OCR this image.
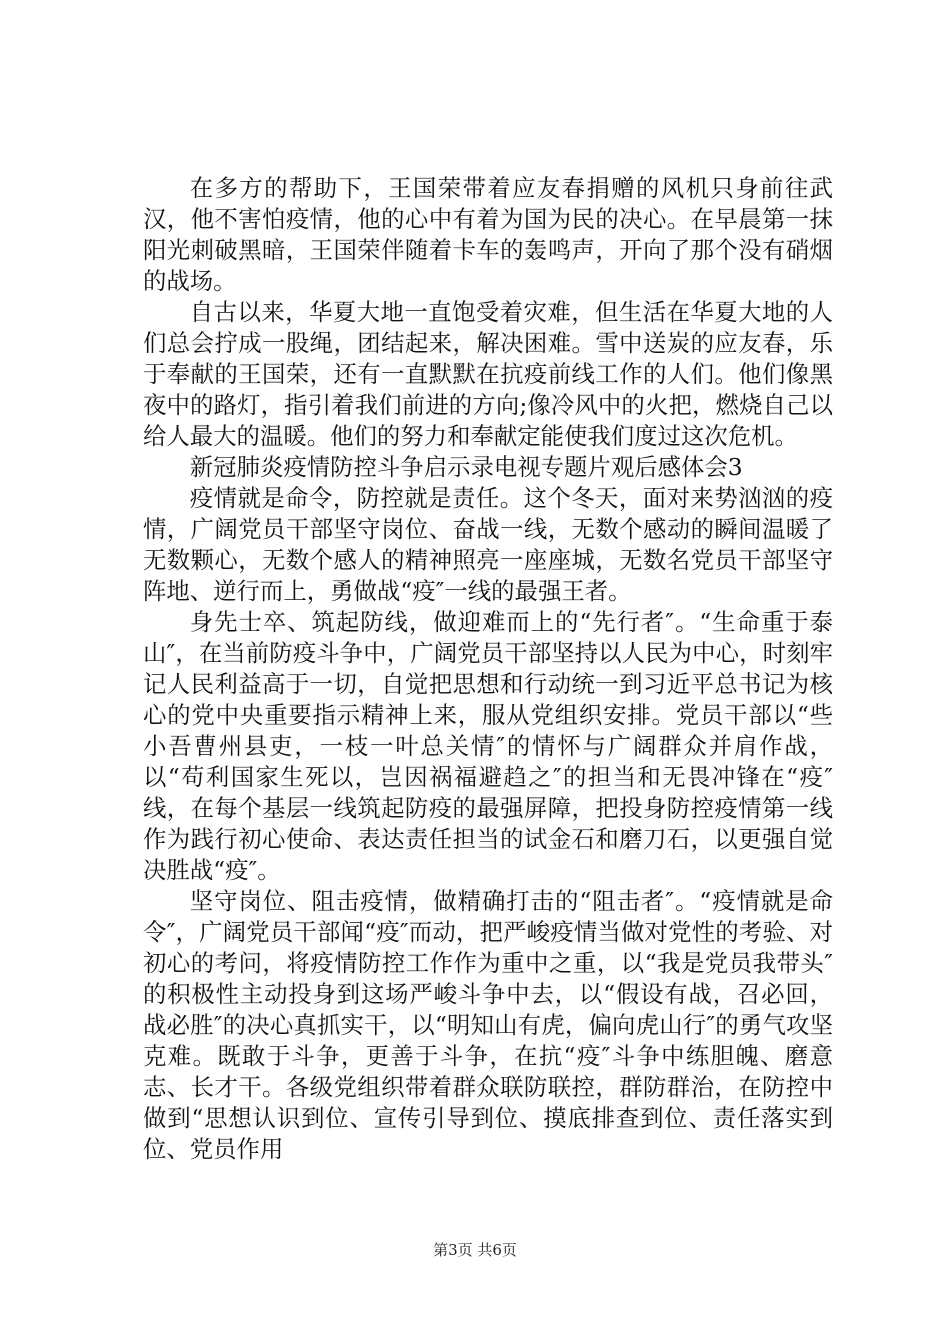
在多方的帮助下，王国荣带着应友春捐赠的风机只身前往武汉，他不害怕疫情，他的心中有着为国为民的决心。在早晨第一抹阳光刺破黑暗，王国荣伴随着卡车的轰鸣声，开向了那个没有硝烟的战场。

自古以来，华夏大地一直饱受着灾难，但生活在华夏大地的人们总会拧成一股绳，团结起来，解决困难。雪中送炭的应友春，乐于奉献的王国荣，还有一直默默在抗疫前线工作的人们。他们像黑夜中的路灯，指引着我们前进的方向;像冷风中的火把，燃烧自己以给人最大的温暖。他们的努力和奉献定能使我们度过这次危机。

新冠肺炎疫情防控斗争启示录电视专题片观后感体会3

疫情就是命令，防控就是责任。这个冬天，面对来势汹汹的疫情，广阔党员干部坚守岗位、奋战一线，无数个感动的瞬间温暖了无数颗心，无数个感人的精神照亮一座座城，无数名党员干部坚守阵地、逆行而上，勇做战“疫″一线的最强王者。

身先士卒、筑起防线，做迎难而上的“先行者″。“生命重于泰山″，在当前防疫斗争中，广阔党员干部坚持以人民为中心，时刻牢记人民利益高于一切，自觉把思想和行动统一到习近平总书记为核心的党中央重要指示精神上来，服从党组织安排。党员干部以“些小吾曹州县吏，一枝一叶总关情″的情怀与广阔群众并肩作战，以“苟利国家生死以，岂因祸福避趋之″的担当和无畏冲锋在“疫″线，在每个基层一线筑起防疫的最强屏障，把投身防控疫情第一线作为践行初心使命、表达责任担当的试金石和磨刀石，以更强自觉决胜战“疫″。

坚守岗位、阻击疫情，做精确打击的“阻击者″。“疫情就是命令″，广阔党员干部闻“疫″而动，把严峻疫情当做对党性的考验、对初心的考问，将疫情防控工作作为重中之重，以“我是党员我带头″的积极性主动投身到这场严峻斗争中去，以“假设有战，召必回，战必胜″的决心真抓实干，以“明知山有虎，偏向虎山行″的勇气攻坚克难。既敢于斗争，更善于斗争，在抗“疫″斗争中练胆魄、磨意志、长才干。各级党组织带着群众联防联控，群防群治，在防控中做到“思想认识到位、宣传引导到位、摸底排查到位、责任落实到位、党员作用

第3页 共6页
